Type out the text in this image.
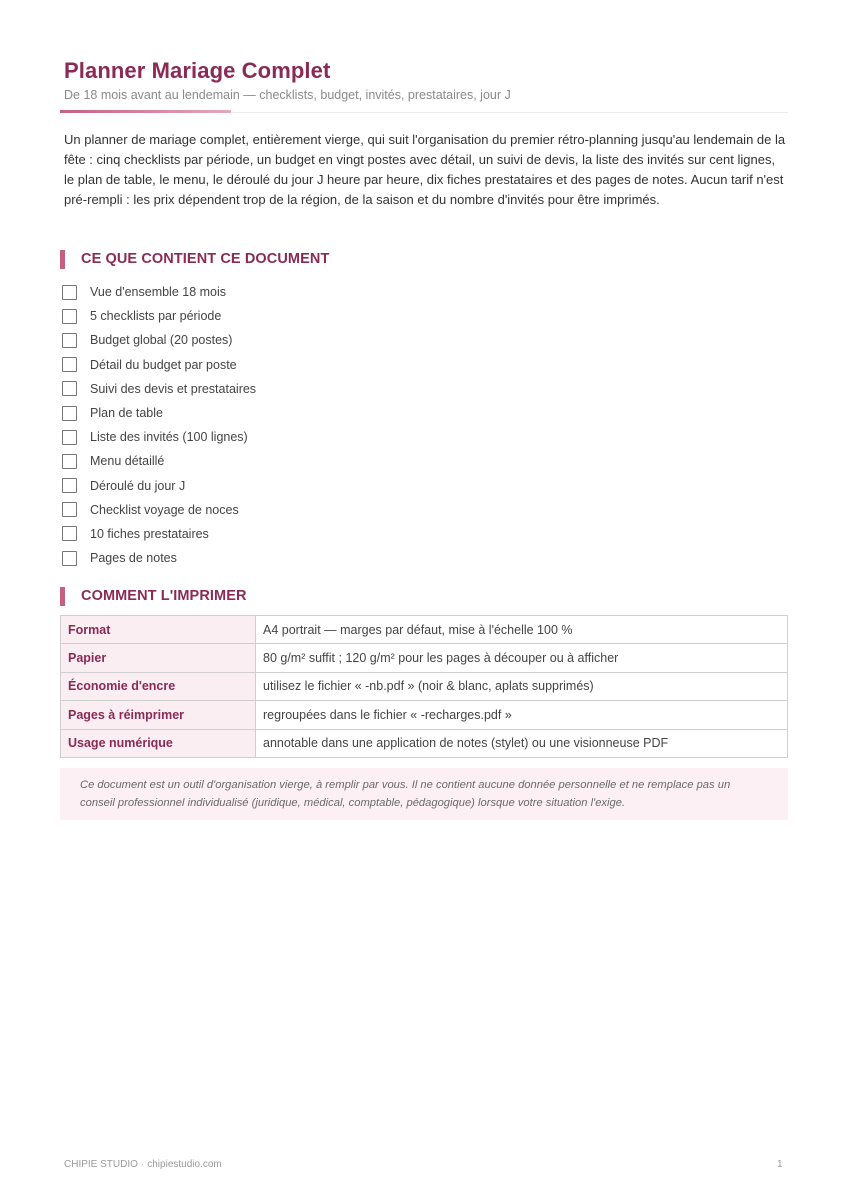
Planner Mariage Complet
De 18 mois avant au lendemain — checklists, budget, invités, prestataires, jour J

Un planner de mariage complet, entièrement vierge, qui suit l'organisation du premier rétro-planning jusqu'au lendemain de la fête : cinq checklists par période, un budget en vingt postes avec détail, un suivi de devis, la liste des invités sur cent lignes, le plan de table, le menu, le déroulé du jour J heure par heure, dix fiches prestataires et des pages de notes. Aucun tarif n'est pré-rempli : les prix dépendent trop de la région, de la saison et du nombre d'invités pour être imprimés.

CE QUE CONTIENT CE DOCUMENT
Vue d'ensemble 18 mois
5 checklists par période
Budget global (20 postes)
Détail du budget par poste
Suivi des devis et prestataires
Plan de table
Liste des invités (100 lignes)
Menu détaillé
Déroulé du jour J
Checklist voyage de noces
10 fiches prestataires
Pages de notes
COMMENT L'IMPRIMER
Format	A4 portrait — marges par défaut, mise à l'échelle 100 %
Papier	80 g/m² suffit ; 120 g/m² pour les pages à découper ou à afficher
Économie d'encre	utilisez le fichier « -nb.pdf » (noir & blanc, aplats supprimés)
Pages à réimprimer	regroupées dans le fichier « -recharges.pdf »
Usage numérique	annotable dans une application de notes (stylet) ou une visionneuse PDF
Ce document est un outil d'organisation vierge, à remplir par vous. Il ne contient aucune donnée personnelle et ne remplace pas un conseil professionnel individualisé (juridique, médical, comptable, pédagogique) lorsque votre situation l'exige.
CHIPIE STUDIO · chipiestudio.com	1
